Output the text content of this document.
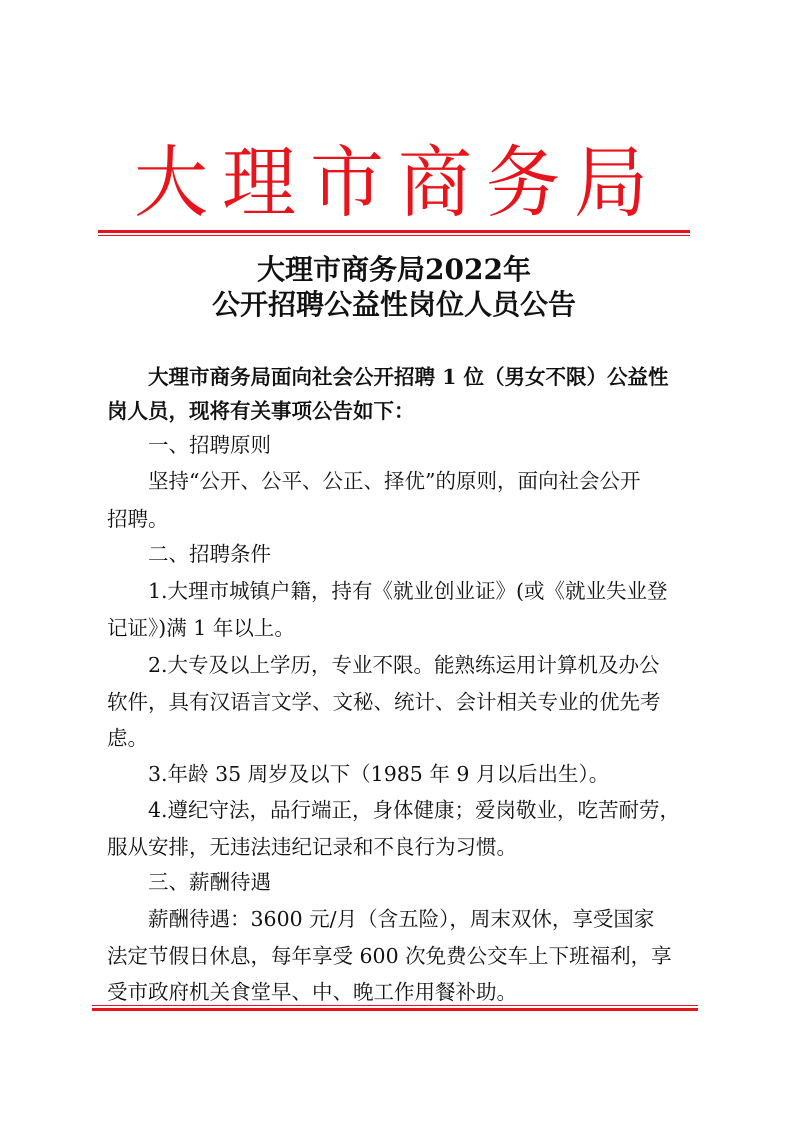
大理市商务局
大理市商务局2022年
公开招聘公益性岗位人员公告
大理市商务局面向社会公开招聘 1 位（男女不限）公益性
岗人员，现将有关事项公告如下：
一、招聘原则
坚持“公开、公平、公正、择优”的原则，面向社会公开
招聘。
二、招聘条件
1.大理市城镇户籍，持有《就业创业证》(或《就业失业登
记证》)满 1 年以上。
2.大专及以上学历，专业不限。能熟练运用计算机及办公
软件，具有汉语言文学、文秘、统计、会计相关专业的优先考
虑。
3.年龄 35 周岁及以下（1985 年 9 月以后出生）。
4.遵纪守法，品行端正，身体健康；爱岗敬业，吃苦耐劳，
服从安排，无违法违纪记录和不良行为习惯。
三、薪酬待遇
薪酬待遇：3600 元/月（含五险），周末双休，享受国家
法定节假日休息，每年享受 600 次免费公交车上下班福利，享
受市政府机关食堂早、中、晚工作用餐补助。
